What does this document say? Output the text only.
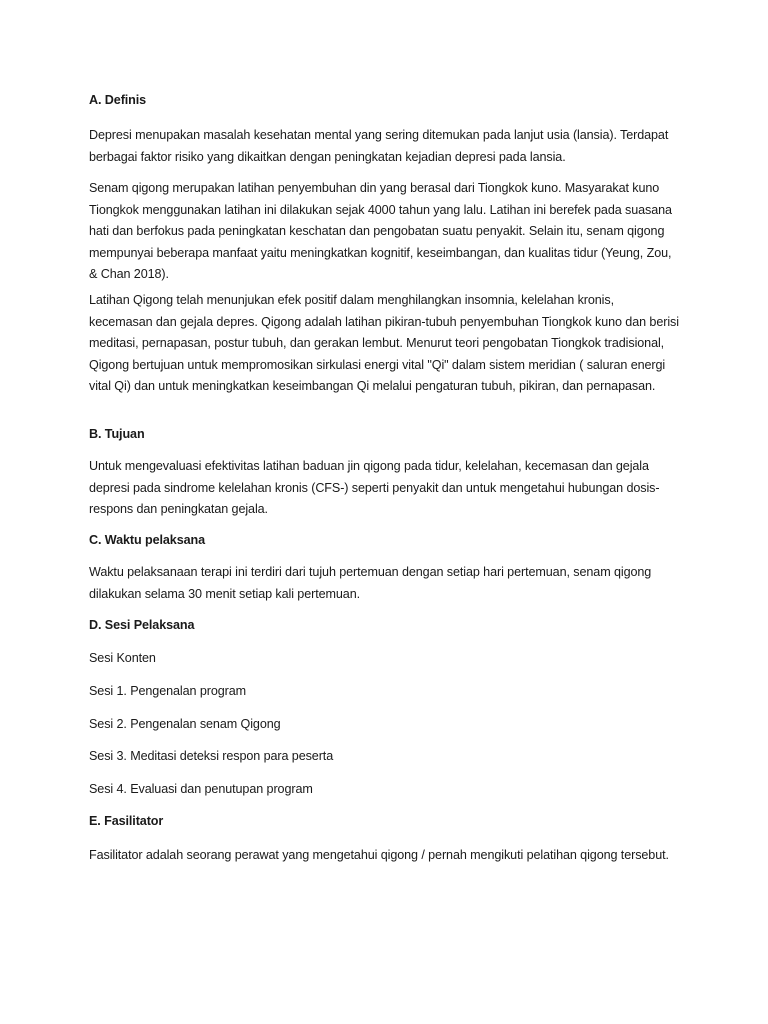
A. Definis

Depresi menupakan masalah kesehatan mental yang sering ditemukan pada lanjut usia (lansia). Terdapat berbagai faktor risiko yang dikaitkan dengan peningkatan kejadian depresi pada lansia.

Senam qigong merupakan latihan penyembuhan din yang berasal dari Tiongkok kuno. Masyarakat kuno Tiongkok menggunakan latihan ini dilakukan sejak 4000 tahun yang lalu. Latihan ini berefek pada suasana hati dan berfokus pada peningkatan keschatan dan pengobatan suatu penyakit. Selain itu, senam qigong mempunyai beberapa manfaat yaitu meningkatkan kognitif, keseimbangan, dan kualitas tidur (Yeung, Zou, & Chan 2018).

Latihan Qigong telah menunjukan efek positif dalam menghilangkan insomnia, kelelahan kronis, kecemasan dan gejala depres. Qigong adalah latihan pikiran-tubuh penyembuhan Tiongkok kuno dan berisi meditasi, pernapasan, postur tubuh, dan gerakan lembut. Menurut teori pengobatan Tiongkok tradisional, Qigong bertujuan untuk mempromosikan sirkulasi energi vital "Qi" dalam sistem meridian ( saluran energi vital Qi) dan untuk meningkatkan keseimbangan Qi melalui pengaturan tubuh, pikiran, dan pernapasan.

B. Tujuan

Untuk mengevaluasi efektivitas latihan baduan jin qigong pada tidur, kelelahan, kecemasan dan gejala depresi pada sindrome kelelahan kronis (CFS-) seperti penyakit dan untuk mengetahui hubungan dosis-respons dan peningkatan gejala.

C. Waktu pelaksana

Waktu pelaksanaan terapi ini terdiri dari tujuh pertemuan dengan setiap hari pertemuan, senam qigong dilakukan selama 30 menit setiap kali pertemuan.

D. Sesi Pelaksana

Sesi Konten

Sesi 1. Pengenalan program

Sesi 2. Pengenalan senam Qigong

Sesi 3. Meditasi deteksi respon para peserta

Sesi 4. Evaluasi dan penutupan program

E. Fasilitator

Fasilitator adalah seorang perawat yang mengetahui qigong / pernah mengikuti pelatihan qigong tersebut.
